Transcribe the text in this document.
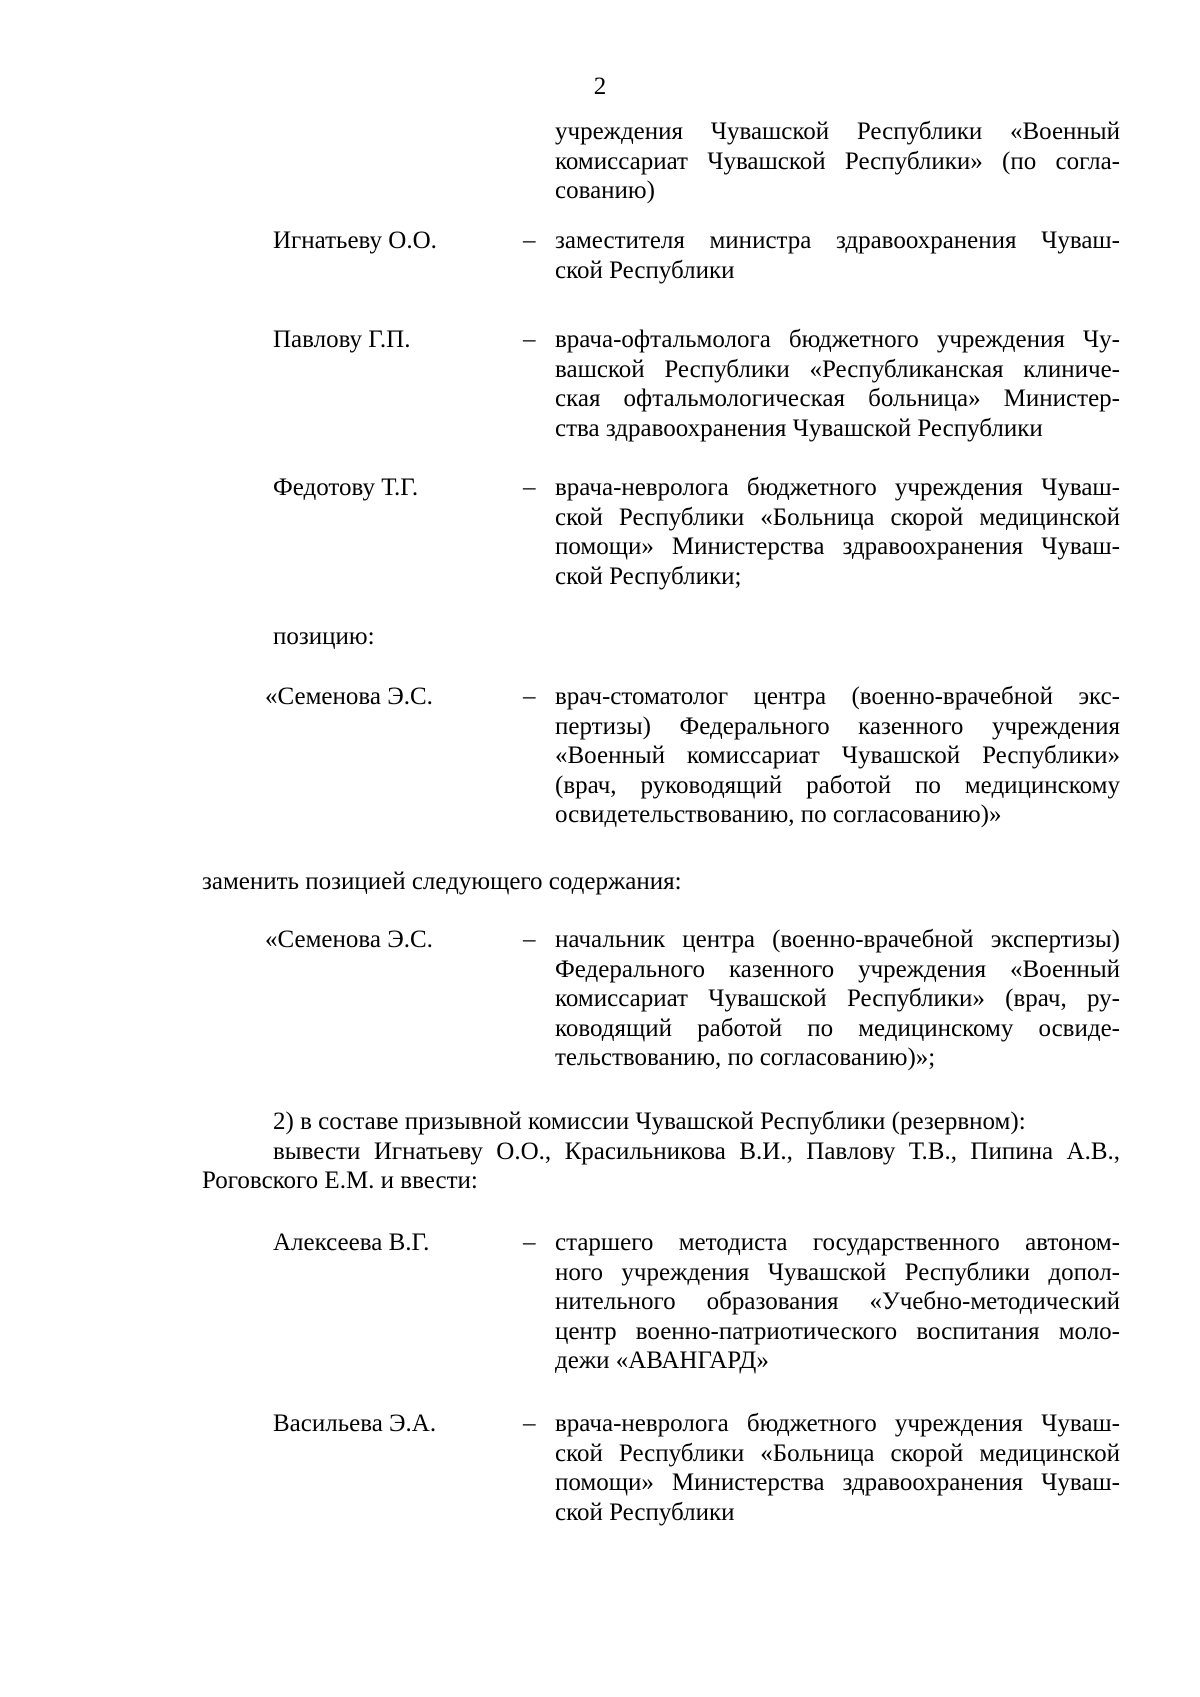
2
учреждения Чувашской Республики «Военный
комиссариат Чувашской Республики» (по согла-
сованию)
Игнатьеву О.О.	– заместителя министра здравоохранения Чуваш-
ской Республики
Павлову Г.П.	– врача-офтальмолога бюджетного учреждения Чу-
вашской Республики «Республиканская клиниче-
ская офтальмологическая больница» Министер-
ства здравоохранения Чувашской Республики
Федотову Т.Г.	– врача-невролога бюджетного учреждения Чуваш-
ской Республики «Больница скорой медицинской
помощи» Министерства здравоохранения Чуваш-
ской Республики;
позицию:
«Семенова Э.С.	– врач-стоматолог центра (военно-врачебной экс-
пертизы) Федерального казенного учреждения
«Военный комиссариат Чувашской Республики»
(врач, руководящий работой по медицинскому
освидетельствованию, по согласованию)»
заменить позицией следующего содержания:
«Семенова Э.С.	– начальник центра (военно-врачебной экспертизы)
Федерального казенного учреждения «Военный
комиссариат Чувашской Республики» (врач, ру-
ководящий работой по медицинскому освиде-
тельствованию, по согласованию)»;
2) в составе призывной комиссии Чувашской Республики (резервном):
вывести Игнатьеву О.О., Красильникова В.И., Павлову Т.В., Пипина А.В.,
Роговского Е.М. и ввести:
Алексеева В.Г.	– старшего методиста государственного автоном-
ного учреждения Чувашской Республики допол-
нительного образования «Учебно-методический
центр военно-патриотического воспитания моло-
дежи «АВАНГАРД»
Васильева Э.А.	– врача-невролога бюджетного учреждения Чуваш-
ской Республики «Больница скорой медицинской
помощи» Министерства здравоохранения Чуваш-
ской Республики
